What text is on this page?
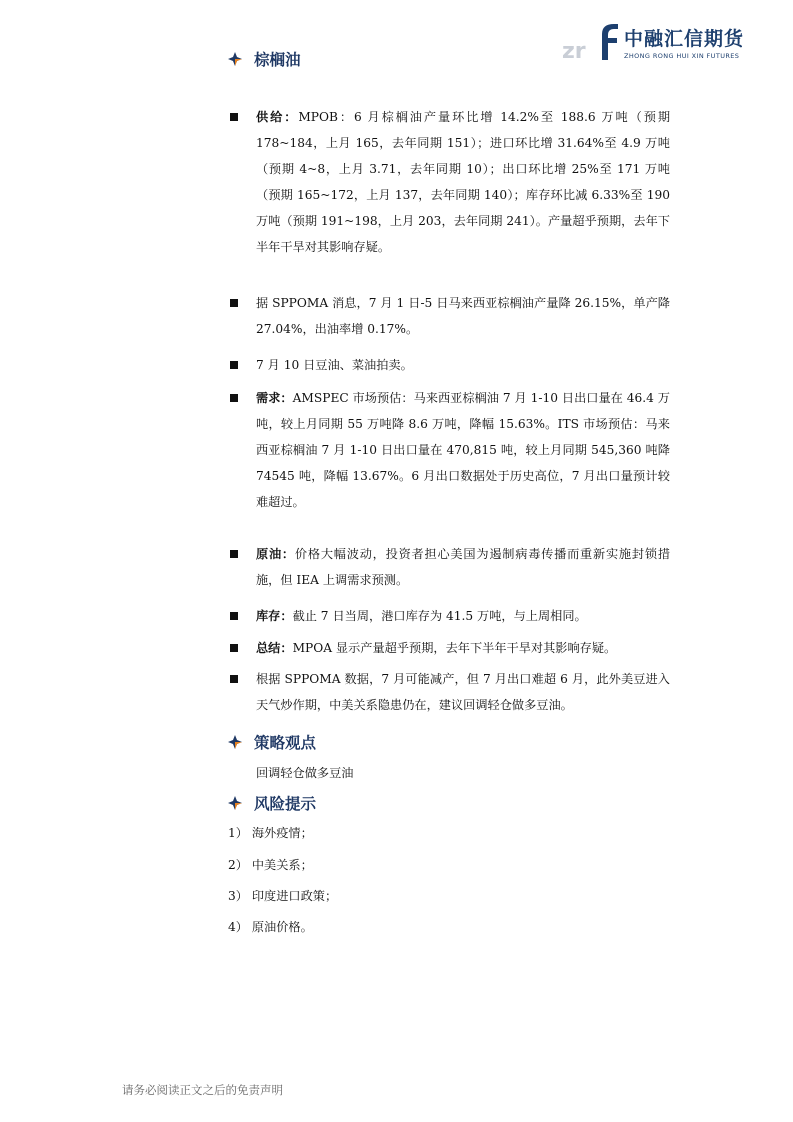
zr 中融汇信期货
ZHONG RONG HUI XIN FUTURES
棕榈油
供给：MPOB：6 月棕榈油产量环比增 14.2%至 188.6 万吨（预期 178~184，上月 165，去年同期 151）；进口环比增 31.64%至 4.9 万吨（预期 4~8，上月 3.71，去年同期 10）；出口环比增 25%至 171 万吨（预期 165~172，上月 137，去年同期 140）；库存环比减 6.33%至 190 万吨（预期 191~198，上月 203，去年同期 241）。产量超乎预期，去年下半年干旱对其影响存疑。
据 SPPOMA 消息，7 月 1 日-5 日马来西亚棕榈油产量降 26.15%，单产降 27.04%，出油率增 0.17%。
7 月 10 日豆油、菜油拍卖。
需求：AMSPEC 市场预估：马来西亚棕榈油 7 月 1-10 日出口量在 46.4 万吨，较上月同期 55 万吨降 8.6 万吨，降幅 15.63%。ITS 市场预估：马来西亚棕榈油 7 月 1-10 日出口量在 470,815 吨，较上月同期 545,360 吨降 74545 吨，降幅 13.67%。6 月出口数据处于历史高位，7 月出口量预计较难超过。
原油：价格大幅波动，投资者担心美国为遏制病毒传播而重新实施封锁措施，但 IEA 上调需求预测。
库存：截止 7 日当周，港口库存为 41.5 万吨，与上周相同。
总结：MPOA 显示产量超乎预期，去年下半年干旱对其影响存疑。
根据 SPPOMA 数据，7 月可能减产，但 7 月出口难超 6 月，此外美豆进入天气炒作期，中美关系隐患仍在，建议回调轻仓做多豆油。
策略观点
回调轻仓做多豆油
风险提示
1） 海外疫情；
2） 中美关系；
3） 印度进口政策；
4） 原油价格。
请务必阅读正文之后的免责声明
